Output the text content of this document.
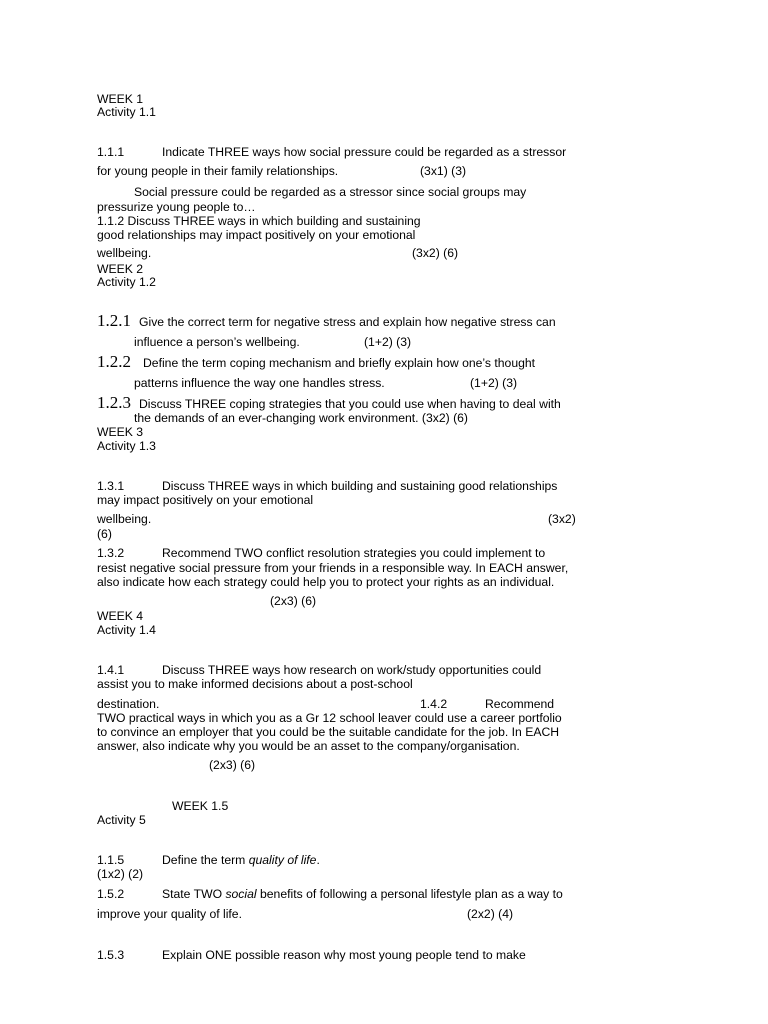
WEEK 1
Activity 1.1
1.1.1	Indicate THREE ways how social pressure could be regarded as a stressor
for young people in their family relationships.	(3x1) (3)
Social pressure could be regarded as a stressor since social groups may
pressurize young people to…
1.1.2 Discuss THREE ways in which building and sustaining
good relationships may impact positively on your emotional
wellbeing.	(3x2) (6)
WEEK 2
Activity 1.2
1.2.1 Give the correct term for negative stress and explain how negative stress can
influence a person’s wellbeing.	(1+2) (3)
1.2.2 Define the term coping mechanism and briefly explain how one’s thought
patterns influence the way one handles stress.	(1+2) (3)
1.2.3 Discuss THREE coping strategies that you could use when having to deal with
the demands of an ever-changing work environment. (3x2) (6)
WEEK 3
Activity 1.3
1.3.1	Discuss THREE ways in which building and sustaining good relationships
may impact positively on your emotional
wellbeing.	(3x2)
(6)
1.3.2	Recommend TWO conflict resolution strategies you could implement to
resist negative social pressure from your friends in a responsible way. In EACH answer,
also indicate how each strategy could help you to protect your rights as an individual.
(2x3) (6)
WEEK 4
Activity 1.4
1.4.1	Discuss THREE ways how research on work/study opportunities could
assist you to make informed decisions about a post-school
destination.	1.4.2	Recommend
TWO practical ways in which you as a Gr 12 school leaver could use a career portfolio
to convince an employer that you could be the suitable candidate for the job. In EACH
answer, also indicate why you would be an asset to the company/organisation.
(2x3) (6)
WEEK 1.5
Activity 5
1.1.5	Define the term quality of life.
(1x2) (2)
1.5.2	State TWO social benefits of following a personal lifestyle plan as a way to
improve your quality of life.	(2x2) (4)
1.5.3	Explain ONE possible reason why most young people tend to make
